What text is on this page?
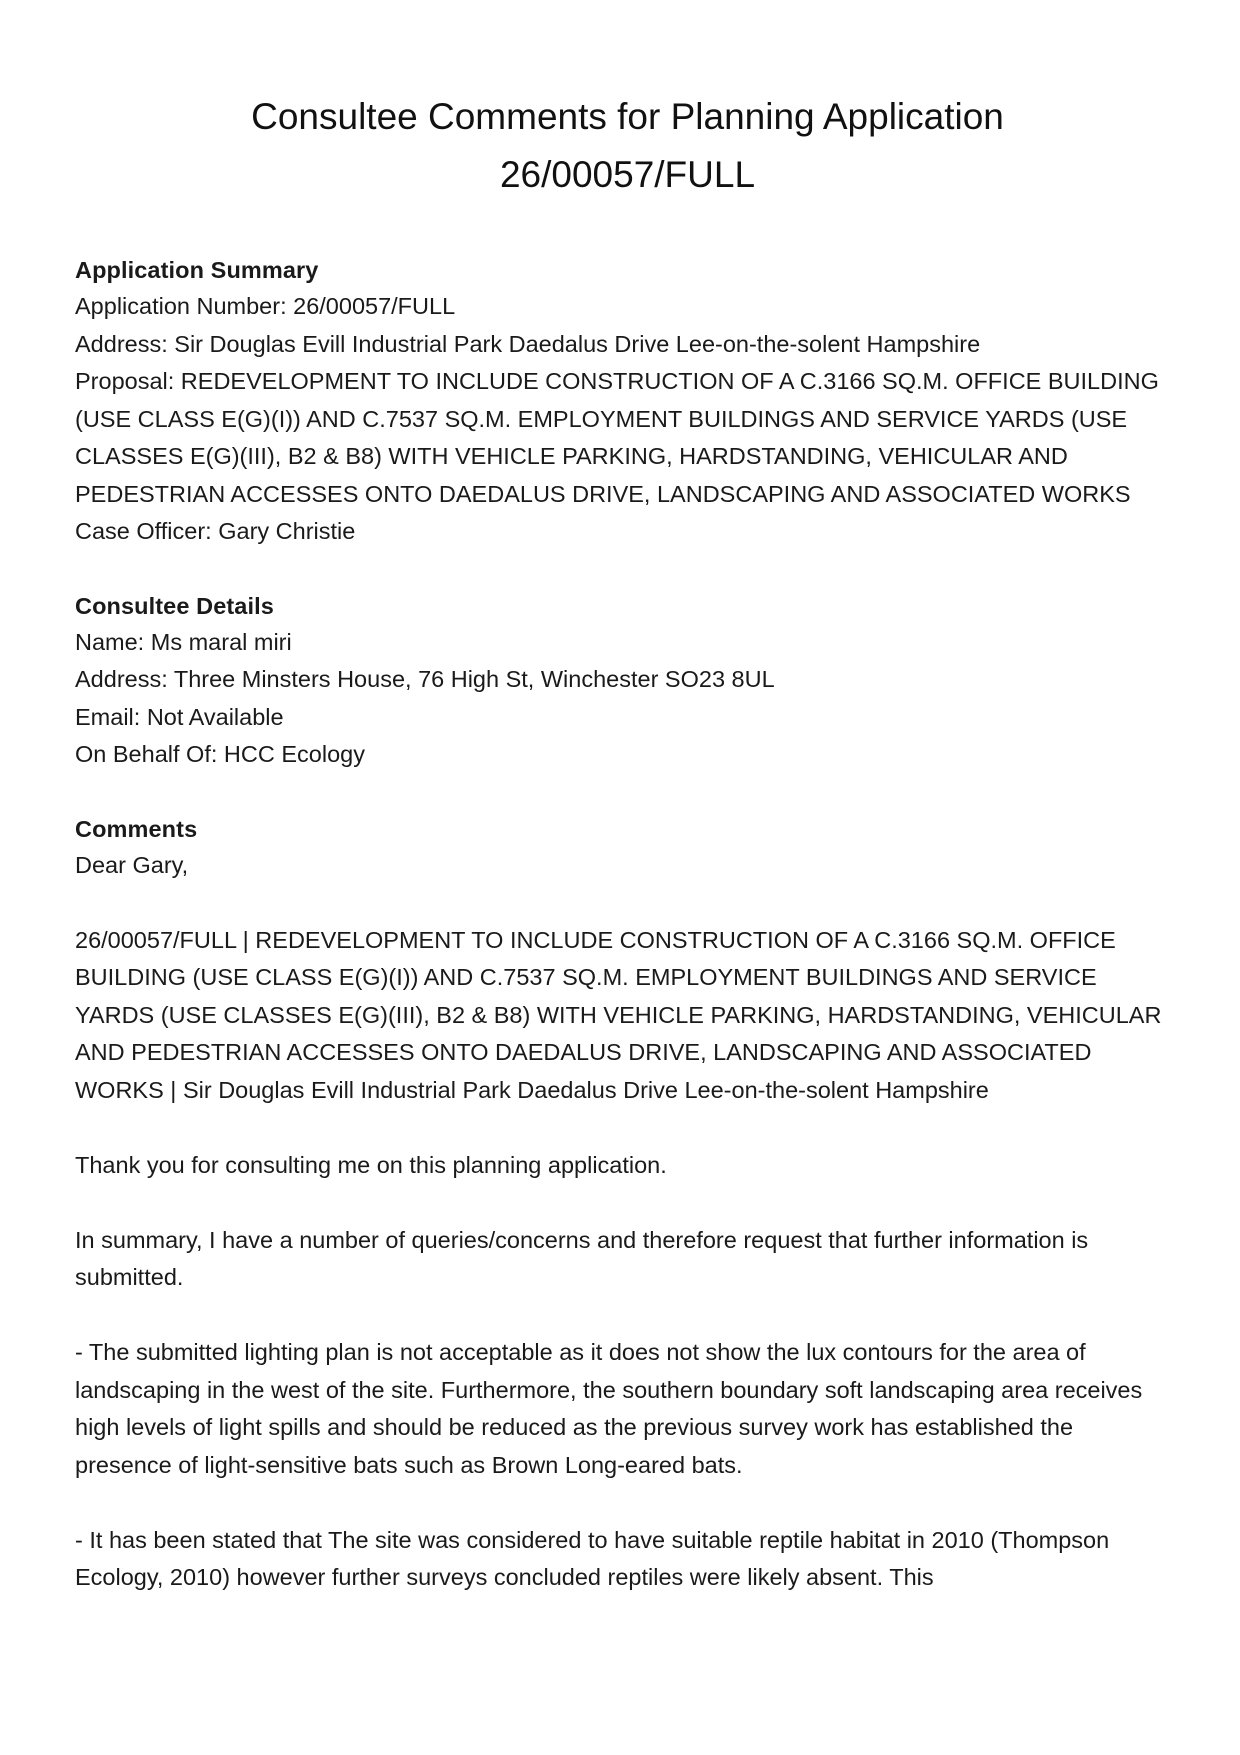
Consultee Comments for Planning Application
26/00057/FULL

Application Summary

Application Number: 26/00057/FULL

Address: Sir Douglas Evill Industrial Park Daedalus Drive Lee-on-the-solent Hampshire

Proposal: REDEVELOPMENT TO INCLUDE CONSTRUCTION OF A C.3166 SQ.M. OFFICE BUILDING (USE CLASS E(G)(I)) AND C.7537 SQ.M. EMPLOYMENT BUILDINGS AND SERVICE YARDS (USE CLASSES E(G)(III), B2 & B8) WITH VEHICLE PARKING, HARDSTANDING, VEHICULAR AND PEDESTRIAN ACCESSES ONTO DAEDALUS DRIVE, LANDSCAPING AND ASSOCIATED WORKS

Case Officer: Gary Christie

Consultee Details

Name: Ms maral miri

Address: Three Minsters House, 76 High St, Winchester SO23 8UL

Email: Not Available

On Behalf Of: HCC Ecology

Comments

Dear Gary,

26/00057/FULL | REDEVELOPMENT TO INCLUDE CONSTRUCTION OF A C.3166 SQ.M. OFFICE BUILDING (USE CLASS E(G)(I)) AND C.7537 SQ.M. EMPLOYMENT BUILDINGS AND SERVICE YARDS (USE CLASSES E(G)(III), B2 & B8) WITH VEHICLE PARKING, HARDSTANDING, VEHICULAR AND PEDESTRIAN ACCESSES ONTO DAEDALUS DRIVE, LANDSCAPING AND ASSOCIATED WORKS | Sir Douglas Evill Industrial Park Daedalus Drive Lee-on-the-solent Hampshire

Thank you for consulting me on this planning application.

In summary, I have a number of queries/concerns and therefore request that further information is submitted.

- The submitted lighting plan is not acceptable as it does not show the lux contours for the area of landscaping in the west of the site. Furthermore, the southern boundary soft landscaping area receives high levels of light spills and should be reduced as the previous survey work has established the presence of light-sensitive bats such as Brown Long-eared bats.

- It has been stated that The site was considered to have suitable reptile habitat in 2010 (Thompson Ecology, 2010) however further surveys concluded reptiles were likely absent. This
